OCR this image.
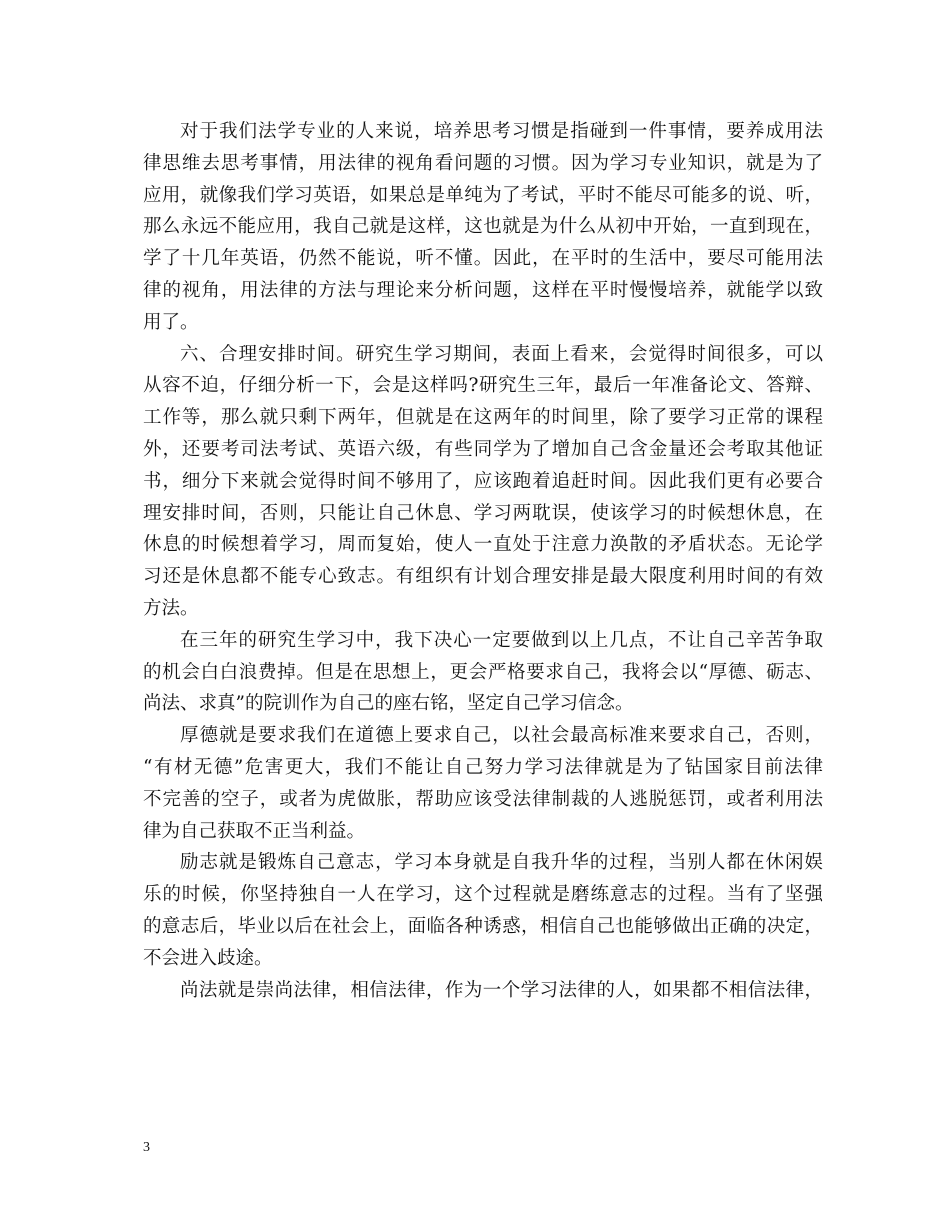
对于我们法学专业的人来说，培养思考习惯是指碰到一件事情，要养成用法
律思维去思考事情，用法律的视角看问题的习惯。因为学习专业知识，就是为了
应用，就像我们学习英语，如果总是单纯为了考试，平时不能尽可能多的说、听，
那么永远不能应用，我自己就是这样，这也就是为什么从初中开始，一直到现在，
学了十几年英语，仍然不能说，听不懂。因此，在平时的生活中，要尽可能用法
律的视角，用法律的方法与理论来分析问题，这样在平时慢慢培养，就能学以致
用了。
六、合理安排时间。研究生学习期间，表面上看来，会觉得时间很多，可以
从容不迫，仔细分析一下，会是这样吗?研究生三年，最后一年准备论文、答辩、
工作等，那么就只剩下两年，但就是在这两年的时间里，除了要学习正常的课程
外，还要考司法考试、英语六级，有些同学为了增加自己含金量还会考取其他证
书，细分下来就会觉得时间不够用了，应该跑着追赶时间。因此我们更有必要合
理安排时间，否则，只能让自己休息、学习两耽误，使该学习的时候想休息，在
休息的时候想着学习，周而复始，使人一直处于注意力涣散的矛盾状态。无论学
习还是休息都不能专心致志。有组织有计划合理安排是最大限度利用时间的有效
方法。
在三年的研究生学习中，我下决心一定要做到以上几点，不让自己辛苦争取
的机会白白浪费掉。但是在思想上，更会严格要求自己，我将会以“厚德、砺志、
尚法、求真”的院训作为自己的座右铭，坚定自己学习信念。
厚德就是要求我们在道德上要求自己，以社会最高标准来要求自己，否则，
“有材无德”危害更大，我们不能让自己努力学习法律就是为了钻国家目前法律
不完善的空子，或者为虎做胀，帮助应该受法律制裁的人逃脱惩罚，或者利用法
律为自己获取不正当利益。
励志就是锻炼自己意志，学习本身就是自我升华的过程，当别人都在休闲娱
乐的时候，你坚持独自一人在学习，这个过程就是磨练意志的过程。当有了坚强
的意志后，毕业以后在社会上，面临各种诱惑，相信自己也能够做出正确的决定，
不会进入歧途。
尚法就是崇尚法律，相信法律，作为一个学习法律的人，如果都不相信法律，
3
